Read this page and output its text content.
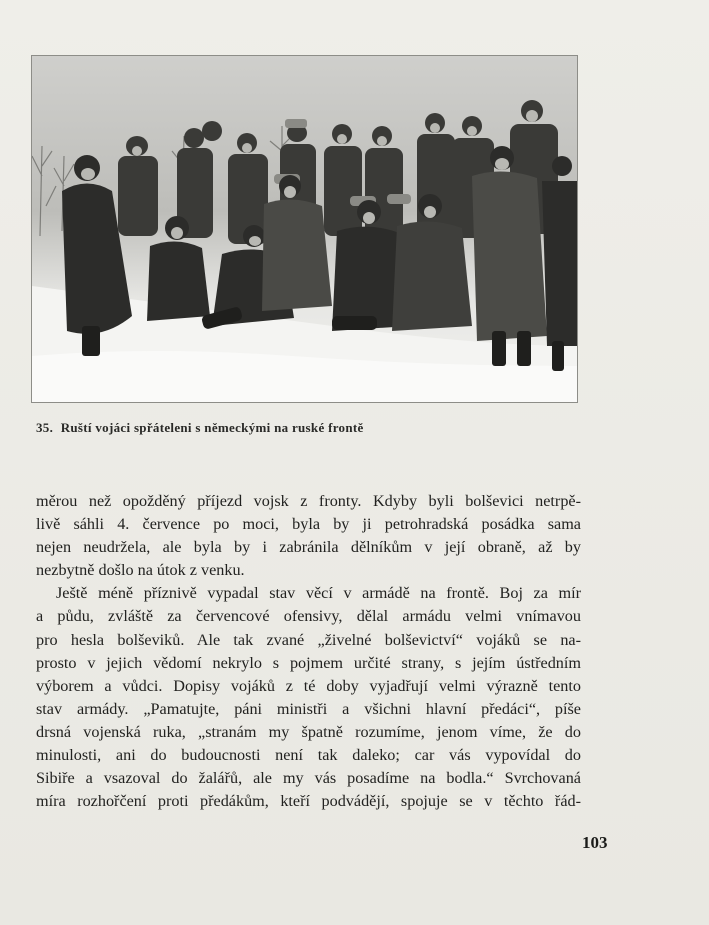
35. Ruští vojáci spřáteleni s německými na ruské frontě
měrou než opožděný příjezd vojsk z fronty. Kdyby byli bolševici netrpě-
livě sáhli 4. července po moci, byla by ji petrohradská posádka sama
nejen neudržela, ale byla by i zabránila dělníkům v její obraně, až by
nezbytně došlo na útok z venku.
Ještě méně příznivě vypadal stav věcí v armádě na frontě. Boj za mír
a půdu, zvláště za červencové ofensivy, dělal armádu velmi vnímavou
pro hesla bolševiků. Ale tak zvané „živelné bolševictví“ vojáků se na-
prosto v jejich vědomí nekrylo s pojmem určité strany, s jejím ústředním
výborem a vůdci. Dopisy vojáků z té doby vyjadřují velmi výrazně tento
stav armády. „Pamatujte, páni ministři a všichni hlavní předáci“, píše
drsná vojenská ruka, „stranám my špatně rozumíme, jenom víme, že do
minulosti, ani do budoucnosti není tak daleko; car vás vypovídal do
Sibiře a vsazoval do žalářů, ale my vás posadíme na bodla.“ Svrchovaná
míra rozhořčení proti předákům, kteří podvádějí, spojuje se v těchto řád-
103
